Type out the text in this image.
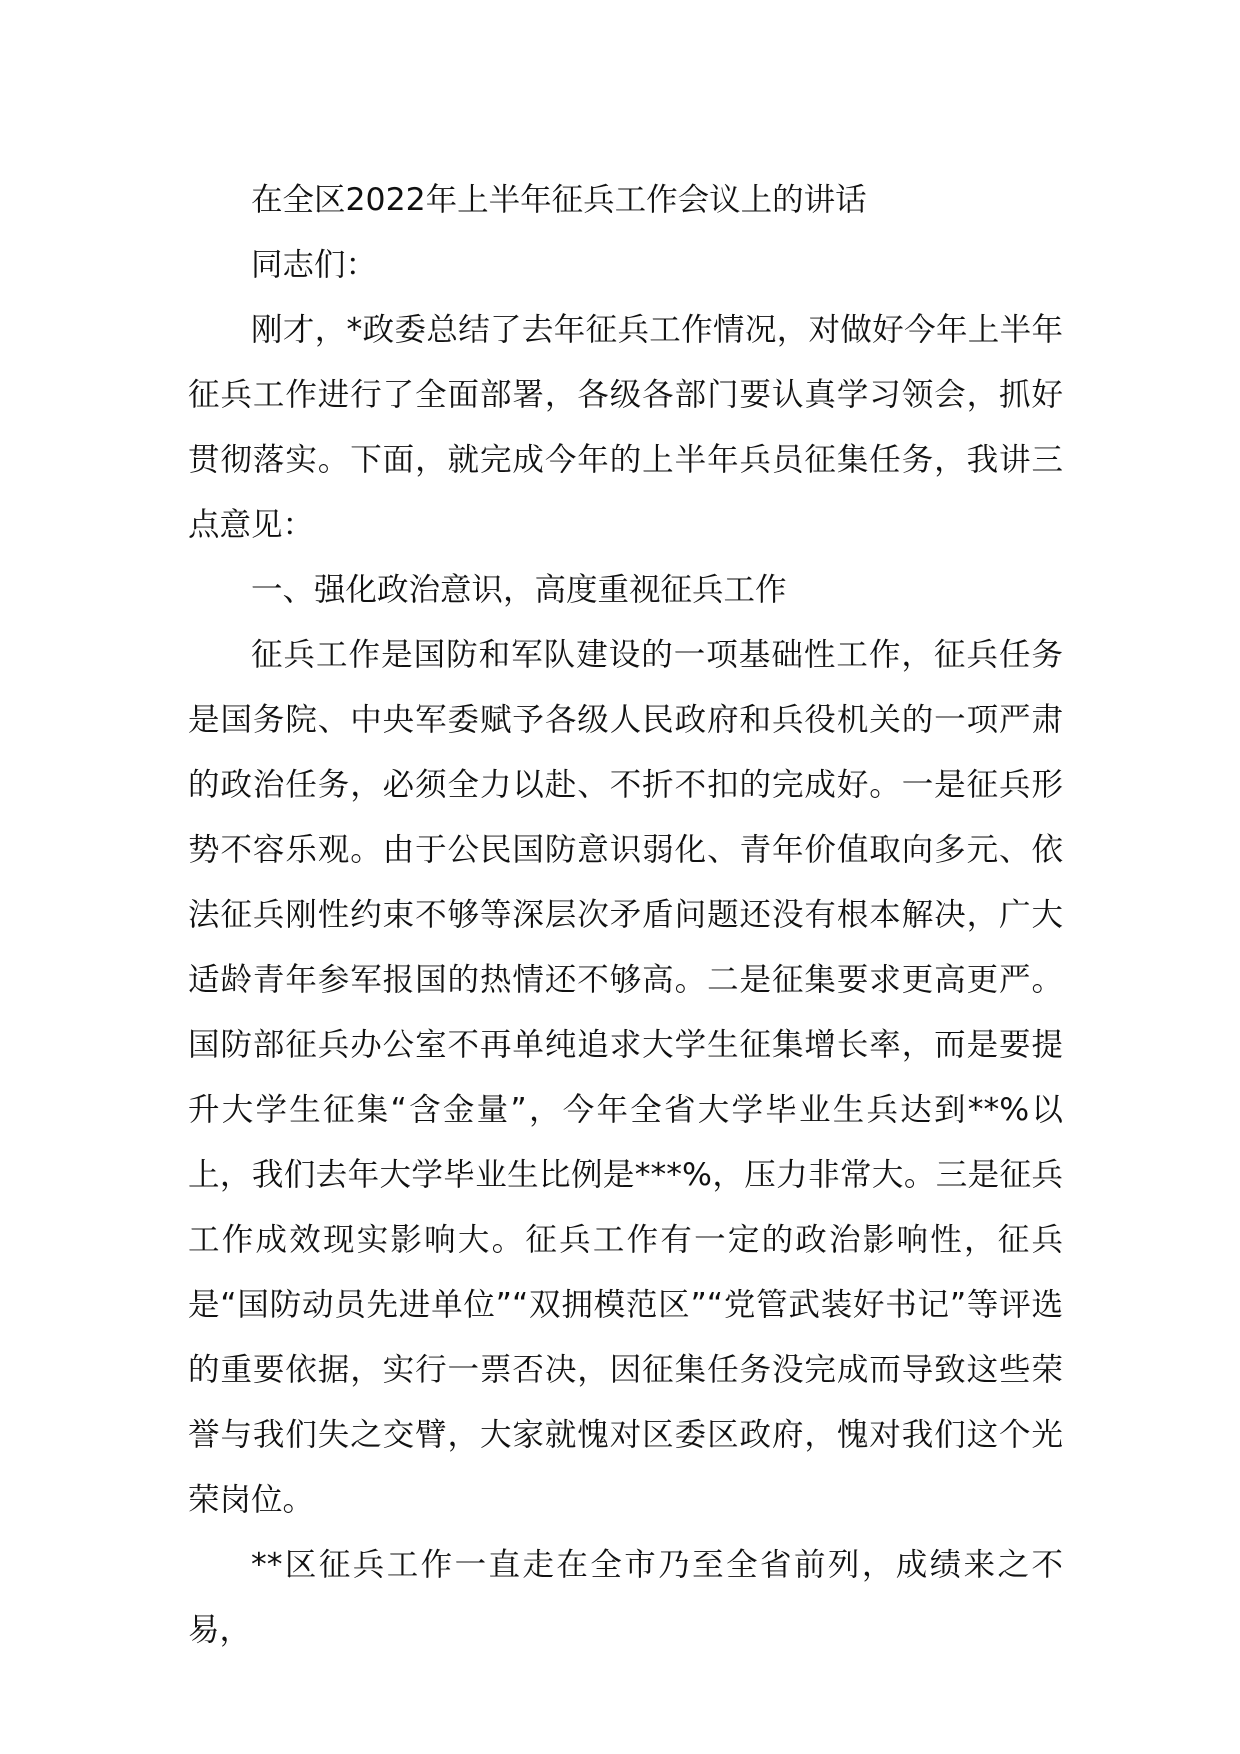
在全区2022年上半年征兵工作会议上的讲话

同志们：

刚才，*政委总结了去年征兵工作情况，对做好今年上半年征兵工作进行了全面部署，各级各部门要认真学习领会，抓好贯彻落实。下面，就完成今年的上半年兵员征集任务，我讲三点意见：

一、强化政治意识，高度重视征兵工作

征兵工作是国防和军队建设的一项基础性工作，征兵任务是国务院、中央军委赋予各级人民政府和兵役机关的一项严肃的政治任务，必须全力以赴、不折不扣的完成好。一是征兵形势不容乐观。由于公民国防意识弱化、青年价值取向多元、依法征兵刚性约束不够等深层次矛盾问题还没有根本解决，广大适龄青年参军报国的热情还不够高。二是征集要求更高更严。国防部征兵办公室不再单纯追求大学生征集增长率，而是要提升大学生征集“含金量”，今年全省大学毕业生兵达到**%以上，我们去年大学毕业生比例是***%，压力非常大。三是征兵工作成效现实影响大。征兵工作有一定的政治影响性，征兵是“国防动员先进单位”“双拥模范区”“党管武装好书记”等评选的重要依据，实行一票否决，因征集任务没完成而导致这些荣誉与我们失之交臂，大家就愧对区委区政府，愧对我们这个光荣岗位。

**区征兵工作一直走在全市乃至全省前列，成绩来之不易，
